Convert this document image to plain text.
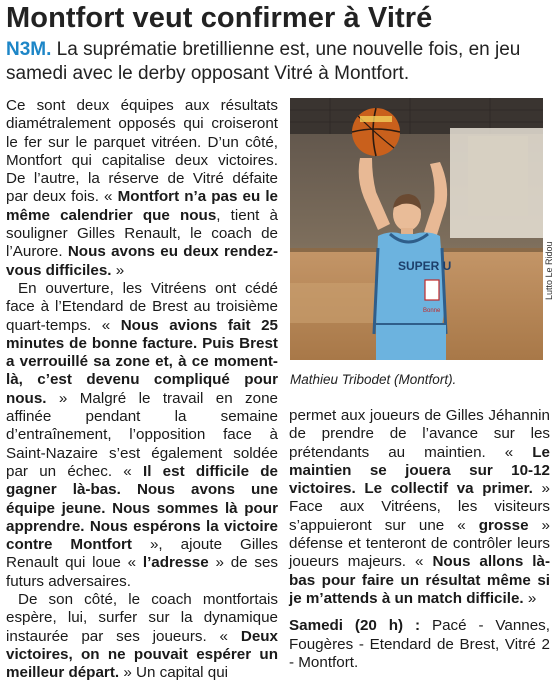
Montfort veut confirmer à Vitré

N3M. La suprématie bretillienne est, une nouvelle fois, en jeu samedi avec le derby opposant Vitré à Montfort.

Ce sont deux équipes aux résultats diamétralement opposés qui croiseront le fer sur le parquet vitréen. D’un côté, Montfort qui capitalise deux victoires. De l’autre, la réserve de Vitré défaite par deux fois. « Montfort n’a pas eu le même calendrier que nous, tient à souligner Gilles Renault, le coach de l’Aurore. Nous avons eu deux rendez-vous difficiles. »

En ouverture, les Vitréens ont cédé face à l’Etendard de Brest au troisième quart-temps. « Nous avions fait 25 minutes de bonne facture. Puis Brest a verrouillé sa zone et, à ce moment-là, c’est devenu compliqué pour nous. » Malgré le travail en zone affinée pendant la semaine d’entraînement, l’opposition face à Saint-Nazaire s’est également soldée par un échec. « Il est difficile de gagner là-bas. Nous avons une équipe jeune. Nous sommes là pour apprendre. Nous espérons la victoire contre Montfort », ajoute Gilles Renault qui loue « l’adresse » de ses futurs adversaires.

De son côté, le coach montfortais espère, lui, surfer sur la dynamique instaurée par ses joueurs. « Deux victoires, on ne pouvait espérer un meilleur départ. » Un capital qui

SUPER U
Bonne
Lutto Le Ridou
Mathieu Tribodet (Montfort).

permet aux joueurs de Gilles Jéhannin de prendre de l’avance sur les prétendants au maintien. « Le maintien se jouera sur 10-12 victoires. Le collectif va primer. » Face aux Vitréens, les visiteurs s’appuieront sur une « grosse » défense et tenteront de contrôler leurs joueurs majeurs. « Nous allons là-bas pour faire un résultat même si je m’attends à un match difficile. »

Samedi (20 h) : Pacé - Vannes, Fougères - Etendard de Brest, Vitré 2 - Montfort.
